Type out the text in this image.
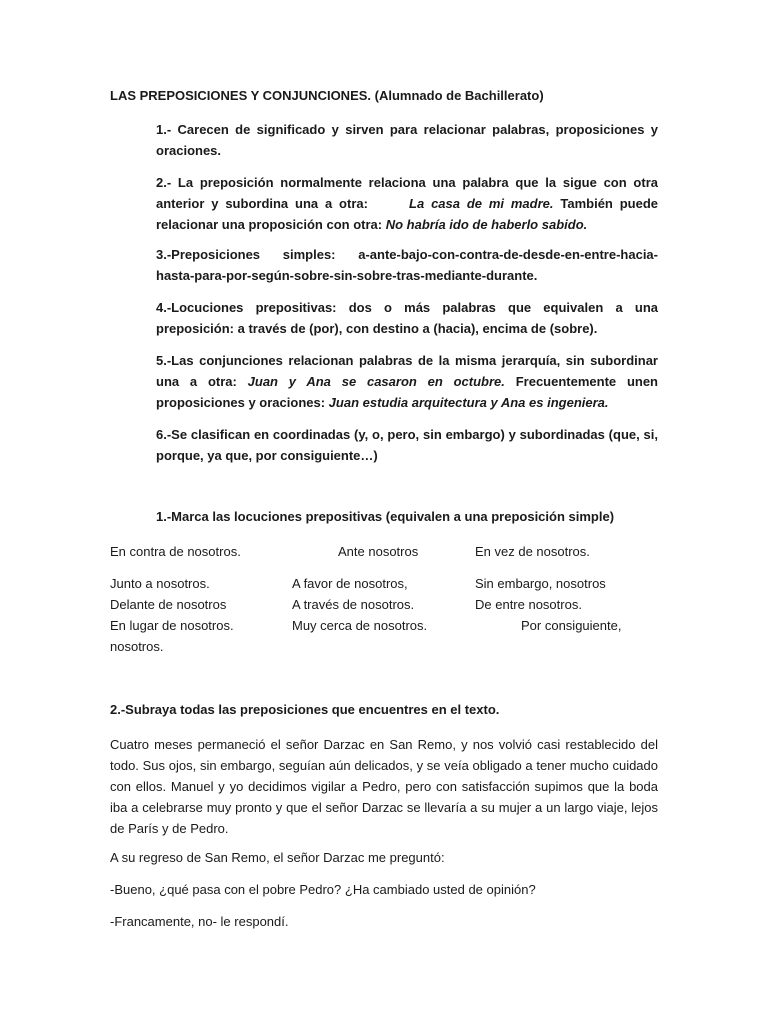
LAS PREPOSICIONES Y CONJUNCIONES. (Alumnado de Bachillerato)
1.- Carecen de significado y sirven para relacionar palabras, proposiciones y oraciones.
2.- La preposición normalmente relaciona una palabra que la sigue con otra anterior y subordina una a otra:	La casa de mi madre. También puede relacionar una proposición con otra: No habría ido de haberlo sabido.
3.-Preposiciones simples: a-ante-bajo-con-contra-de-desde-en-entre-hacia-hasta-para-por-según-sobre-sin-sobre-tras-mediante-durante.
4.-Locuciones prepositivas: dos o más palabras que equivalen a una preposición: a través de (por), con destino a (hacia), encima de (sobre).
5.-Las conjunciones relacionan palabras de la misma jerarquía, sin subordinar una a otra: Juan y Ana se casaron en octubre. Frecuentemente unen proposiciones y oraciones: Juan estudia arquitectura y Ana es ingeniera.
6.-Se clasifican en coordinadas (y, o, pero, sin embargo) y subordinadas (que, si, porque, ya que, por consiguiente…)
1.-Marca las locuciones prepositivas (equivalen a una preposición simple)
En contra de nosotros.	Ante nosotros	En vez de nosotros.
Junto a nosotros.	A favor de nosotros,	Sin embargo, nosotros
Delante de nosotros	A través de nosotros.	De entre nosotros.
En lugar de nosotros.	Muy cerca de nosotros.	Por consiguiente,
nosotros.
2.-Subraya todas las preposiciones que encuentres en el texto.
Cuatro meses permaneció el señor Darzac en San Remo, y nos volvió casi restablecido del todo. Sus ojos, sin embargo, seguían aún delicados, y se veía obligado a tener mucho cuidado con ellos. Manuel y yo decidimos vigilar a Pedro, pero con satisfacción supimos que la boda iba a celebrarse muy pronto y que el señor Darzac se llevaría a su mujer a un largo viaje, lejos de París y de Pedro.
A su regreso de San Remo, el señor Darzac me preguntó:
-Bueno, ¿qué pasa con el pobre Pedro? ¿Ha cambiado usted de opinión?
-Francamente, no- le respondí.
